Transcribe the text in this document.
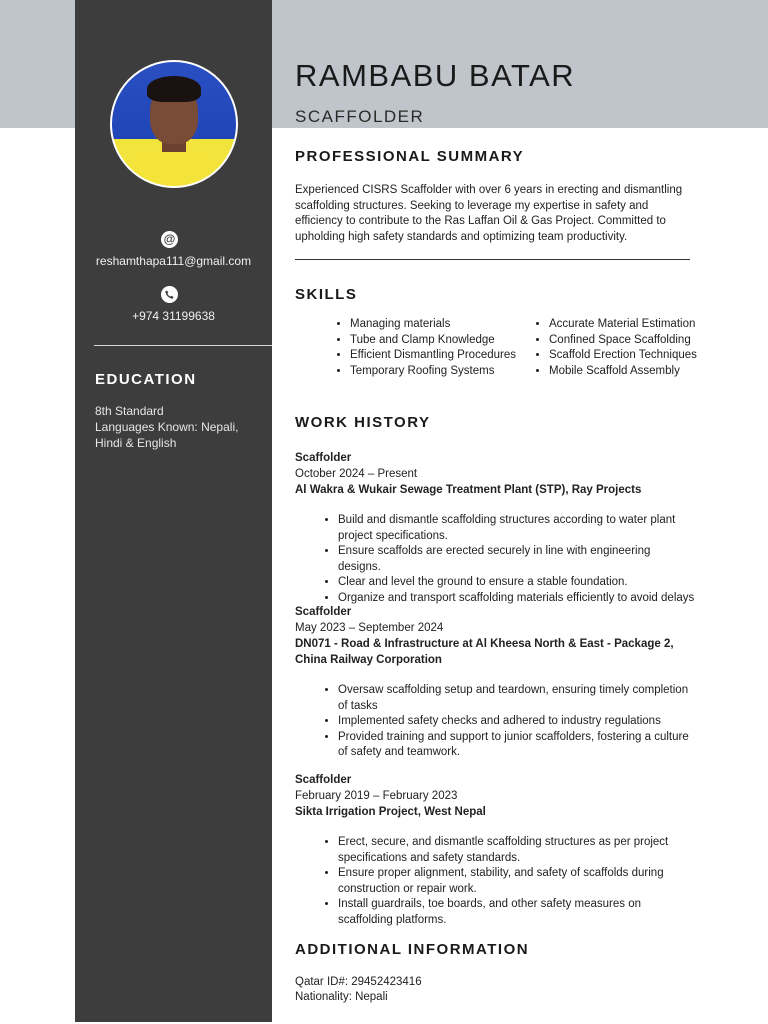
@
reshamthapa111@gmail.com
+974 31199638
EDUCATION
8th Standard
Languages Known: Nepali,
Hindi & English
RAMBABU BATAR
SCAFFOLDER
PROFESSIONAL SUMMARY
Experienced CISRS Scaffolder with over 6 years in erecting and dismantling scaffolding structures. Seeking to leverage my expertise in safety and efficiency to contribute to the Ras Laffan Oil & Gas Project. Committed to upholding high safety standards and optimizing team productivity.
SKILLS
• Managing materials
• Tube and Clamp Knowledge
• Efficient Dismantling Procedures
• Temporary Roofing Systems
• Accurate Material Estimation
• Confined Space Scaffolding
• Scaffold Erection Techniques
• Mobile Scaffold Assembly
WORK HISTORY
Scaffolder
October 2024 – Present
Al Wakra & Wukair Sewage Treatment Plant (STP), Ray Projects
• Build and dismantle scaffolding structures according to water plant project specifications.
• Ensure scaffolds are erected securely in line with engineering designs.
• Clear and level the ground to ensure a stable foundation.
• Organize and transport scaffolding materials efficiently to avoid delays
Scaffolder
May 2023 – September 2024
DN071 - Road & Infrastructure at Al Kheesa North & East - Package 2, China Railway Corporation
• Oversaw scaffolding setup and teardown, ensuring timely completion of tasks
• Implemented safety checks and adhered to industry regulations
• Provided training and support to junior scaffolders, fostering a culture of safety and teamwork.
Scaffolder
February 2019 – February 2023
Sikta Irrigation Project, West Nepal
• Erect, secure, and dismantle scaffolding structures as per project specifications and safety standards.
• Ensure proper alignment, stability, and safety of scaffolds during construction or repair work.
• Install guardrails, toe boards, and other safety measures on scaffolding platforms.
ADDITIONAL INFORMATION
Qatar ID#: 29452423416
Nationality: Nepali
